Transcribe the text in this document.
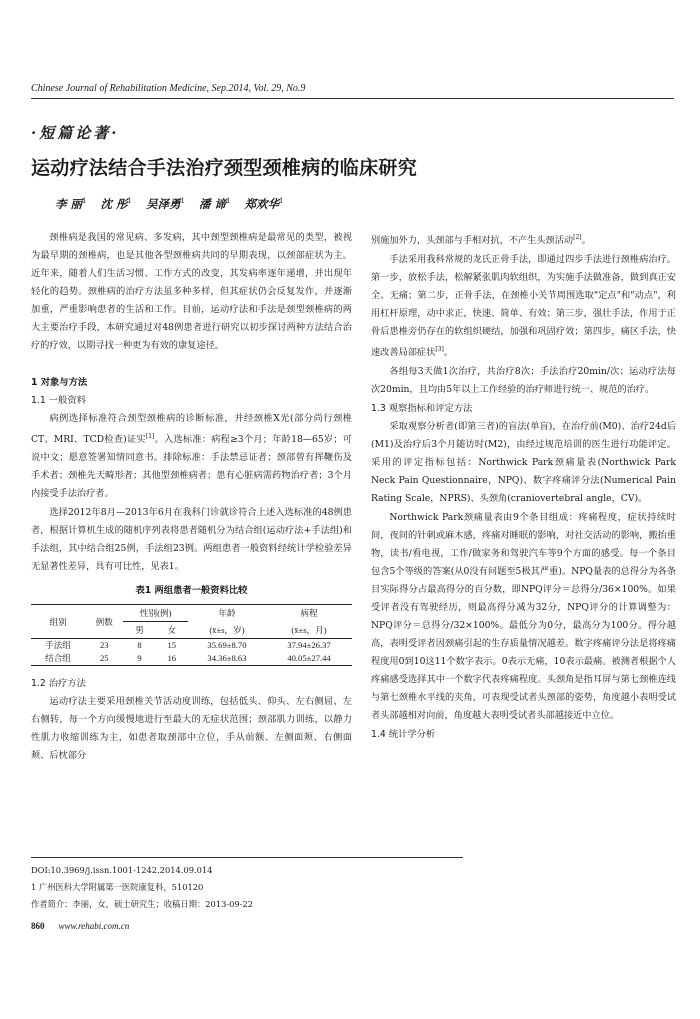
Chinese Journal of Rehabilitation Medicine, Sep.2014, Vol. 29, No.9
·短篇论著·
运动疗法结合手法治疗颈型颈椎病的临床研究
李 丽$^1$ 沈 彤$^1$ 吴泽勇$^1$ 潘 谛$^1$ 郑欢华$^1$

颈椎病是我国的常见病、多发病，其中颈型颈椎病是最常见的类型，被视为最早期的颈椎病，也是其他各型颈椎病共同的早期表现，以颈部症状为主。近年来，随着人们生活习惯、工作方式的改变，其发病率逐年递增，并出现年轻化的趋势。颈椎病的治疗方法虽多种多样，但其症状仍会反复发作，并逐渐加重，严重影响患者的生活和工作。目前，运动疗法和手法是颈型颈椎病的两大主要治疗手段，本研究通过对48例患者进行研究以初步探讨两种方法结合治疗的疗效，以期寻找一种更为有效的康复途径。

1 对象与方法
1.1 一般资料

病例选择标准符合颈型颈椎病的诊断标准，并经颈椎X光(部分尚行颈椎CT、MRI、TCD检查)证实[1]。入选标准：病程≥3个月；年龄18—65岁；可说中文；愿意签署知情同意书。排除标准：手法禁忌证者；颈部曾有挥鞭伤及手术者；颈椎先天畸形者；其他型颈椎病者；患有心脏病需药物治疗者；3个月内接受手法治疗者。

选择2012年8月—2013年6月在我科门诊就诊符合上述入选标准的48例患者，根据计算机生成的随机序列表将患者随机分为结合组(运动疗法+手法组)和手法组，其中结合组25例，手法组23例。两组患者一般资料经统计学检验差异无显著性差异，具有可比性，见表1。

表1 两组患者一般资料比较
组别	例数	性别(例)		年龄	病程
		男	女	(x̄±s，岁)	(x̄±s，月)
手法组	23	8	15	35.69±8.70	37.94±26.37
结合组	25	9	16	34.36±8.63	40.05±27.44
1.2 治疗方法

运动疗法主要采用颈椎关节活动度训练，包括低头、仰头、左右侧屈、左右侧转，每一个方向缓慢地进行至最大的无症状范围；颈部肌力训练，以静力性肌力收缩训练为主，如患者取颈部中立位，手从前额、左侧面颊、右侧面颊、后枕部分

别施加外力，头颈部与手相对抗，不产生头颈活动[2]。

手法采用我科常规的龙氏正骨手法，即通过四步手法进行颈椎病治疗。第一步，放松手法，松解紧张肌肉软组织，为实施手法做准备，做到真正安全、无痛；第二步，正骨手法，在颈椎小关节周围选取"定点"和"动点"，利用杠杆原理，动中求正，快速、简单、有效；第三步，强壮手法，作用于正骨后患椎旁仍存在的软组织硬结，加强和巩固疗效；第四步，痛区手法，快速改善局部症状[3]。

各组每3天做1次治疗，共治疗8次；手法治疗20min/次；运动疗法每次20min，且均由5年以上工作经验的治疗师进行统一、规范的治疗。

1.3 观察指标和评定方法

采取观察分析者(即第三者)的盲法(单盲)，在治疗前(M0)、治疗24d后(M1)及治疗后3个月随访时(M2)，由经过规范培训的医生进行功能评定。采用的评定指标包括：Northwick Park颈痛量表(Northwick Park Neck Pain Questionnaire，NPQ)、数字疼痛评分法(Numerical Pain Rating Scale，NPRS)、头颈角(craniovertebral angle，CV)。

Northwick Park颈痛量表由9个条目组成：疼痛程度，症状持续时间，夜间的针刺或麻木感，疼痛对睡眠的影响，对社交活动的影响，搬抬重物，读书/看电视，工作/做家务和驾驶汽车等9个方面的感受。每一个条目包含5个等级的答案(从0没有问题至5极其严重)。NPQ量表的总得分为各条目实际得分占最高得分的百分数，即NPQ评分＝总得分/36×100%。如果受评者没有驾驶经历，则最高得分减为32分，NPQ评分的计算调整为：NPQ评分＝总得分/32×100%。最低分为0分，最高分为100分。得分越高，表明受评者因颈痛引起的生存质量情况越差。数字疼痛评分法是将疼痛程度用0到10这11个数字表示。0表示无痛，10表示最痛。被测者根据个人疼痛感受选择其中一个数字代表疼痛程度。头颈角是指耳屏与第七颈椎连线与第七颈椎水平线的夹角，可表现受试者头颈部的姿势，角度越小表明受试者头部越相对向前，角度越大表明受试者头部越接近中立位。

1.4 统计学分析
DOI:10.3969/j.issn.1001-1242.2014.09.014
1 广州医科大学附属第一医院康复科，510120
作者简介：李丽，女，硕士研究生；收稿日期：2013-09-22
860 www.rehabi.com.cn
